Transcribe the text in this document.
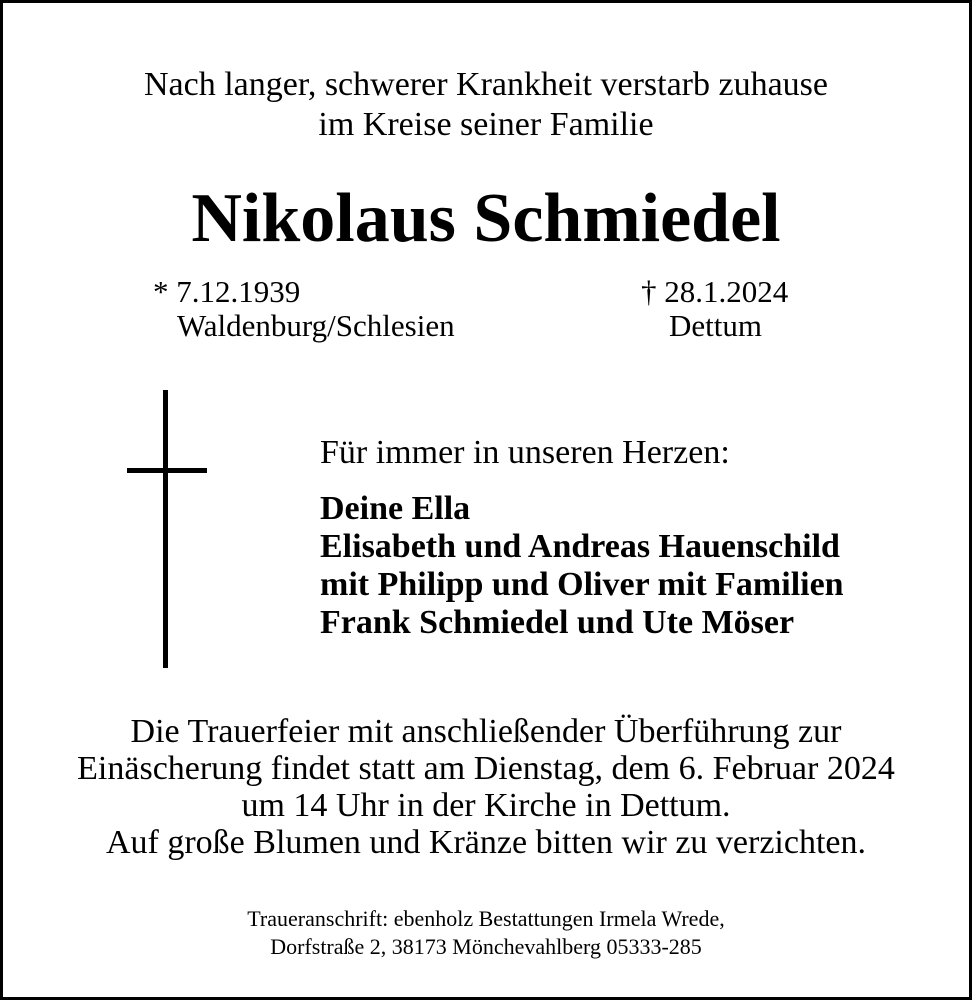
Nach langer, schwerer Krankheit verstarb zuhause
im Kreise seiner Familie
Nikolaus Schmiedel
* 7.12.1939
Waldenburg/Schlesien
† 28.1.2024
Dettum
Für immer in unseren Herzen:
Deine Ella
Elisabeth und Andreas Hauenschild
mit Philipp und Oliver mit Familien
Frank Schmiedel und Ute Möser
Die Trauerfeier mit anschließender Überführung zur
Einäscherung findet statt am Dienstag, dem 6. Februar 2024
um 14 Uhr in der Kirche in Dettum.
Auf große Blumen und Kränze bitten wir zu verzichten.
Traueranschrift: ebenholz Bestattungen Irmela Wrede,
Dorfstraße 2, 38173 Mönchevahlberg 05333-285
